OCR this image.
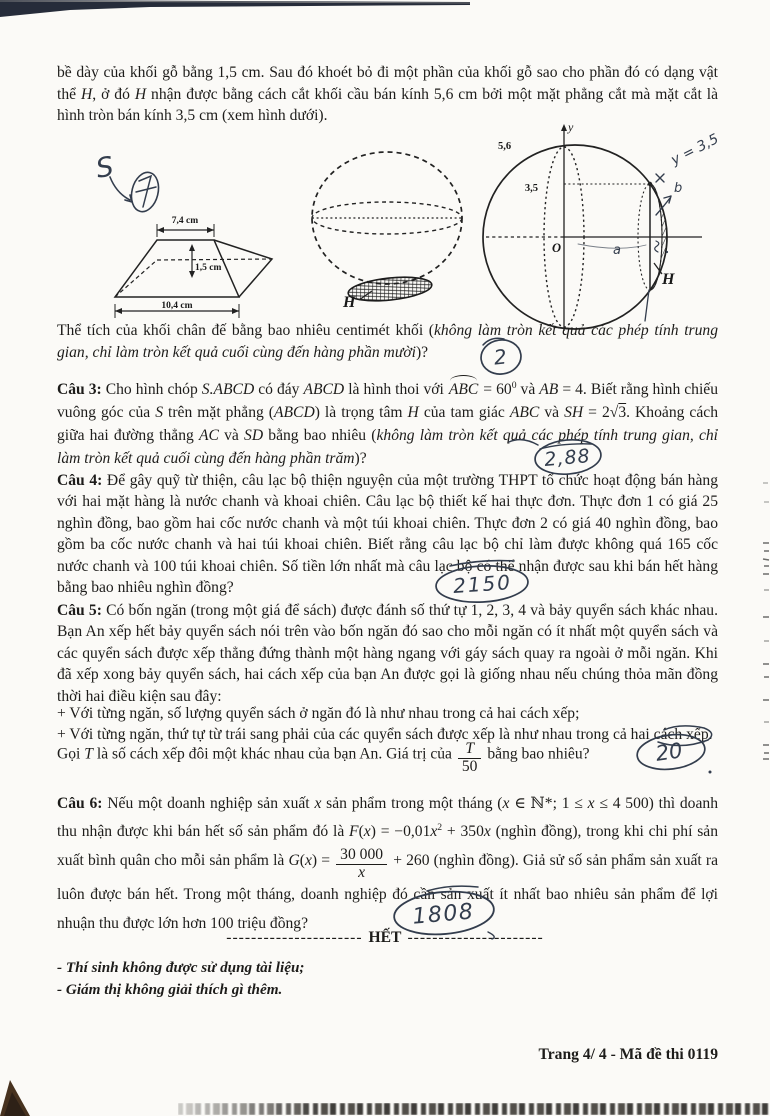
bề dày của khối gỗ bằng 1,5 cm. Sau đó khoét bỏ đi một phần của khối gỗ sao cho phần đó có dạng vật thể H, ở đó H nhận được bằng cách cắt khối cầu bán kính 5,6 cm bởi một mặt phẳng cắt mà mặt cắt là hình tròn bán kính 3,5 cm (xem hình dưới).
7,4 cm
1,5 cm
10,4 cm
S
H
y
5,6
3,5
O
H
y = 3,5
b
a
Thể tích của khối chân đế bằng bao nhiêu centimét khối (không làm tròn kết quả các phép tính trung gian, chỉ làm tròn kết quả cuối cùng đến hàng phần mười)?
Câu 3: Cho hình chóp S.ABCD có đáy ABCD là hình thoi với ABC = $60^0$ và AB = 4. Biết rằng hình chiếu vuông góc của S trên mặt phẳng (ABCD) là trọng tâm H của tam giác ABC và SH = 2√3. Khoảng cách giữa hai đường thẳng AC và SD bằng bao nhiêu (không làm tròn kết quả các phép tính trung gian, chỉ làm tròn kết quả cuối cùng đến hàng phần trăm)?
Câu 4: Để gây quỹ từ thiện, câu lạc bộ thiện nguyện của một trường THPT tổ chức hoạt động bán hàng với hai mặt hàng là nước chanh và khoai chiên. Câu lạc bộ thiết kế hai thực đơn. Thực đơn 1 có giá 25 nghìn đồng, bao gồm hai cốc nước chanh và một túi khoai chiên. Thực đơn 2 có giá 40 nghìn đồng, bao gồm ba cốc nước chanh và hai túi khoai chiên. Biết rằng câu lạc bộ chỉ làm được không quá 165 cốc nước chanh và 100 túi khoai chiên. Số tiền lớn nhất mà câu lạc bộ có thể nhận được sau khi bán hết hàng bằng bao nhiêu nghìn đồng?
Câu 5: Có bốn ngăn (trong một giá để sách) được đánh số thứ tự 1, 2, 3, 4 và bảy quyển sách khác nhau. Bạn An xếp hết bảy quyển sách nói trên vào bốn ngăn đó sao cho mỗi ngăn có ít nhất một quyển sách và các quyển sách được xếp thẳng đứng thành một hàng ngang với gáy sách quay ra ngoài ở mỗi ngăn. Khi đã xếp xong bảy quyển sách, hai cách xếp của bạn An được gọi là giống nhau nếu chúng thỏa mãn đồng thời hai điều kiện sau đây:
+ Với từng ngăn, số lượng quyển sách ở ngăn đó là như nhau trong cả hai cách xếp;
+ Với từng ngăn, thứ tự từ trái sang phải của các quyển sách được xếp là như nhau trong cả hai cách xếp.
Gọi T là số cách xếp đôi một khác nhau của bạn An. Giá trị của $\frac{T}{50}$ bằng bao nhiêu?
Câu 6: Nếu một doanh nghiệp sản xuất x sản phẩm trong một tháng (x ∈ ℕ*; 1 ≤ x ≤ 4 500) thì doanh thu nhận được khi bán hết số sản phẩm đó là $F(x) = -0,01x^2 + 350x$ (nghìn đồng), trong khi chi phí sản xuất bình quân cho mỗi sản phẩm là $G(x) = \frac{30 000}{x} + 260$ (nghìn đồng). Giả sử số sản phẩm sản xuất ra luôn được bán hết. Trong một tháng, doanh nghiệp đó cần sản xuất ít nhất bao nhiêu sản phẩm để lợi nhuận thu được lớn hơn 100 triệu đồng?
---------------------- HẾT ----------------------
- Thí sinh không được sử dụng tài liệu;
- Giám thị không giải thích gì thêm.
Trang 4/ 4 - Mã đề thi 0119
2
2,88
2150
20
1808
